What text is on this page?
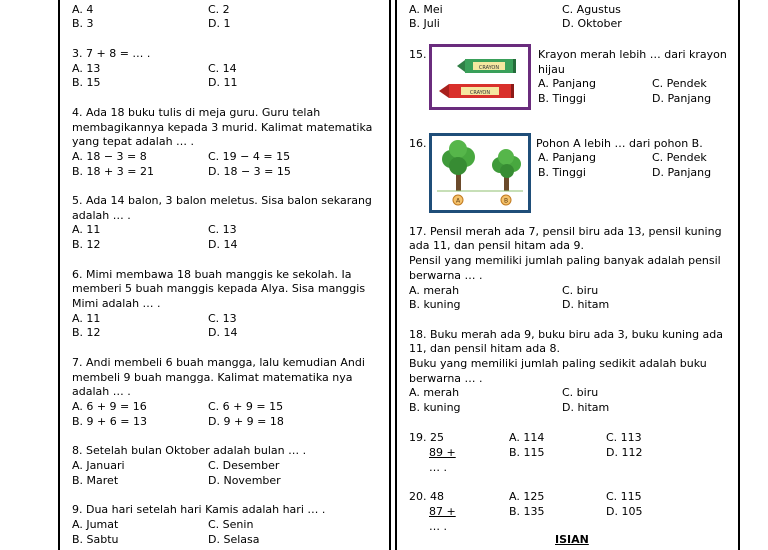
A. 4	C. 2
B. 3	D. 1
3. 7 + 8 = … .
A. 13	C. 14
B. 15	D. 11
4. Ada 18 buku tulis di meja guru. Guru telah
membagikannya kepada 3 murid. Kalimat matematika
yang tepat adalah … .
A. 18 − 3 = 8	C. 19 − 4 = 15
B. 18 + 3 = 21	D. 18 − 3 = 15
5. Ada 14 balon, 3 balon meletus. Sisa balon sekarang
adalah … .
A. 11	C. 13
B. 12	D. 14
6. Mimi membawa 18 buah manggis ke sekolah. Ia
memberi 5 buah manggis kepada Alya. Sisa manggis
Mimi adalah … .
A. 11	C. 13
B. 12	D. 14
7. Andi membeli 6 buah mangga, lalu kemudian Andi
membeli 9 buah mangga. Kalimat matematika nya
adalah … .
A. 6 + 9 = 16	C. 6 + 9 = 15
B. 9 + 6 = 13	D. 9 + 9 = 18
8. Setelah bulan Oktober adalah bulan … .
A. Januari	C. Desember
B. Maret	D. November
9. Dua hari setelah hari Kamis adalah hari … .
A. Jumat	C. Senin
B. Sabtu	D. Selasa
A. Mei	C. Agustus
B. Juli	D. Oktober
15.
CRAYON
CRAYON
Krayon merah lebih … dari krayon
hijau
A. Panjang	C. Pendek
B. Tinggi	D. Panjang
16.
A	B
Pohon A lebih … dari pohon B.
A. Panjang	C. Pendek
B. Tinggi	D. Panjang
17. Pensil merah ada 7, pensil biru ada 13, pensil kuning
ada 11, dan pensil hitam ada 9.
Pensil yang memiliki jumlah paling banyak adalah pensil
berwarna … .
A. merah	C. biru
B. kuning	D. hitam
18. Buku merah ada 9, buku biru ada 3, buku kuning ada
11, dan pensil hitam ada 8.
Buku yang memiliki jumlah paling sedikit adalah buku
berwarna … .
A. merah	C. biru
B. kuning	D. hitam
19. 25
89 +
… .
A. 114
B. 115
C. 113
D. 112
20. 48
87 +
… .
A. 125
B. 135
C. 115
D. 105
ISIAN
